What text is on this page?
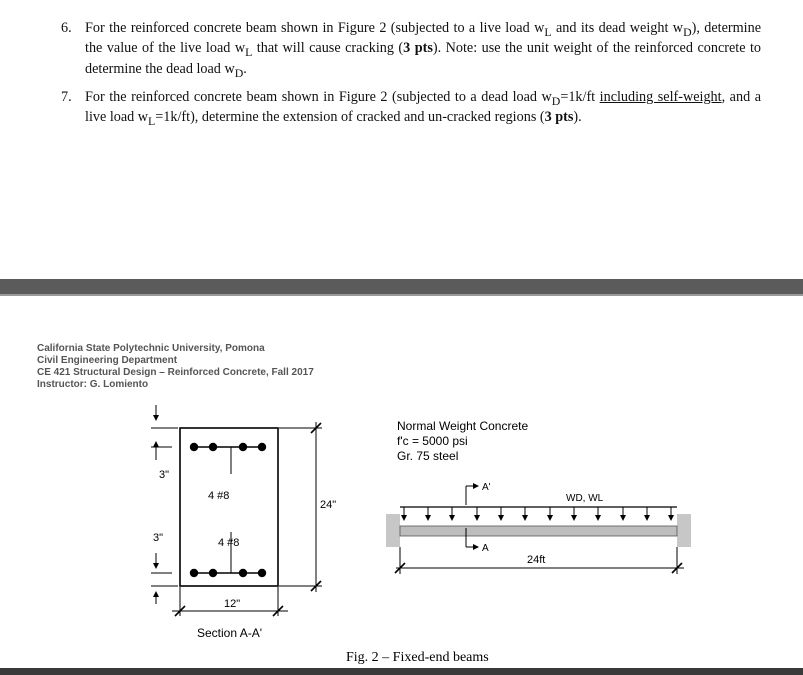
6. For the reinforced concrete beam shown in Figure 2 (subjected to a live load $w_L$ and its dead weight $w_D$), determine the value of the live load $w_L$ that will cause cracking (3 pts). Note: use the unit weight of the reinforced concrete to determine the dead load $w_D$.
7. For the reinforced concrete beam shown in Figure 2 (subjected to a dead load $w_D=1k/ft$ including self-weight, and a live load $w_L=1k/ft$), determine the extension of cracked and un-cracked regions (3 pts).
California State Polytechnic University, Pomona
Civil Engineering Department
CE 421 Structural Design – Reinforced Concrete, Fall 2017
Instructor: G. Lomiento
4 #8
4 #8
3"
3"
24"
12"
Section A-A'
Normal Weight Concrete
f'c = 5000 psi
Gr. 75 steel
WD, WL
A'
A
24ft
Fig. 2 – Fixed-end beams
